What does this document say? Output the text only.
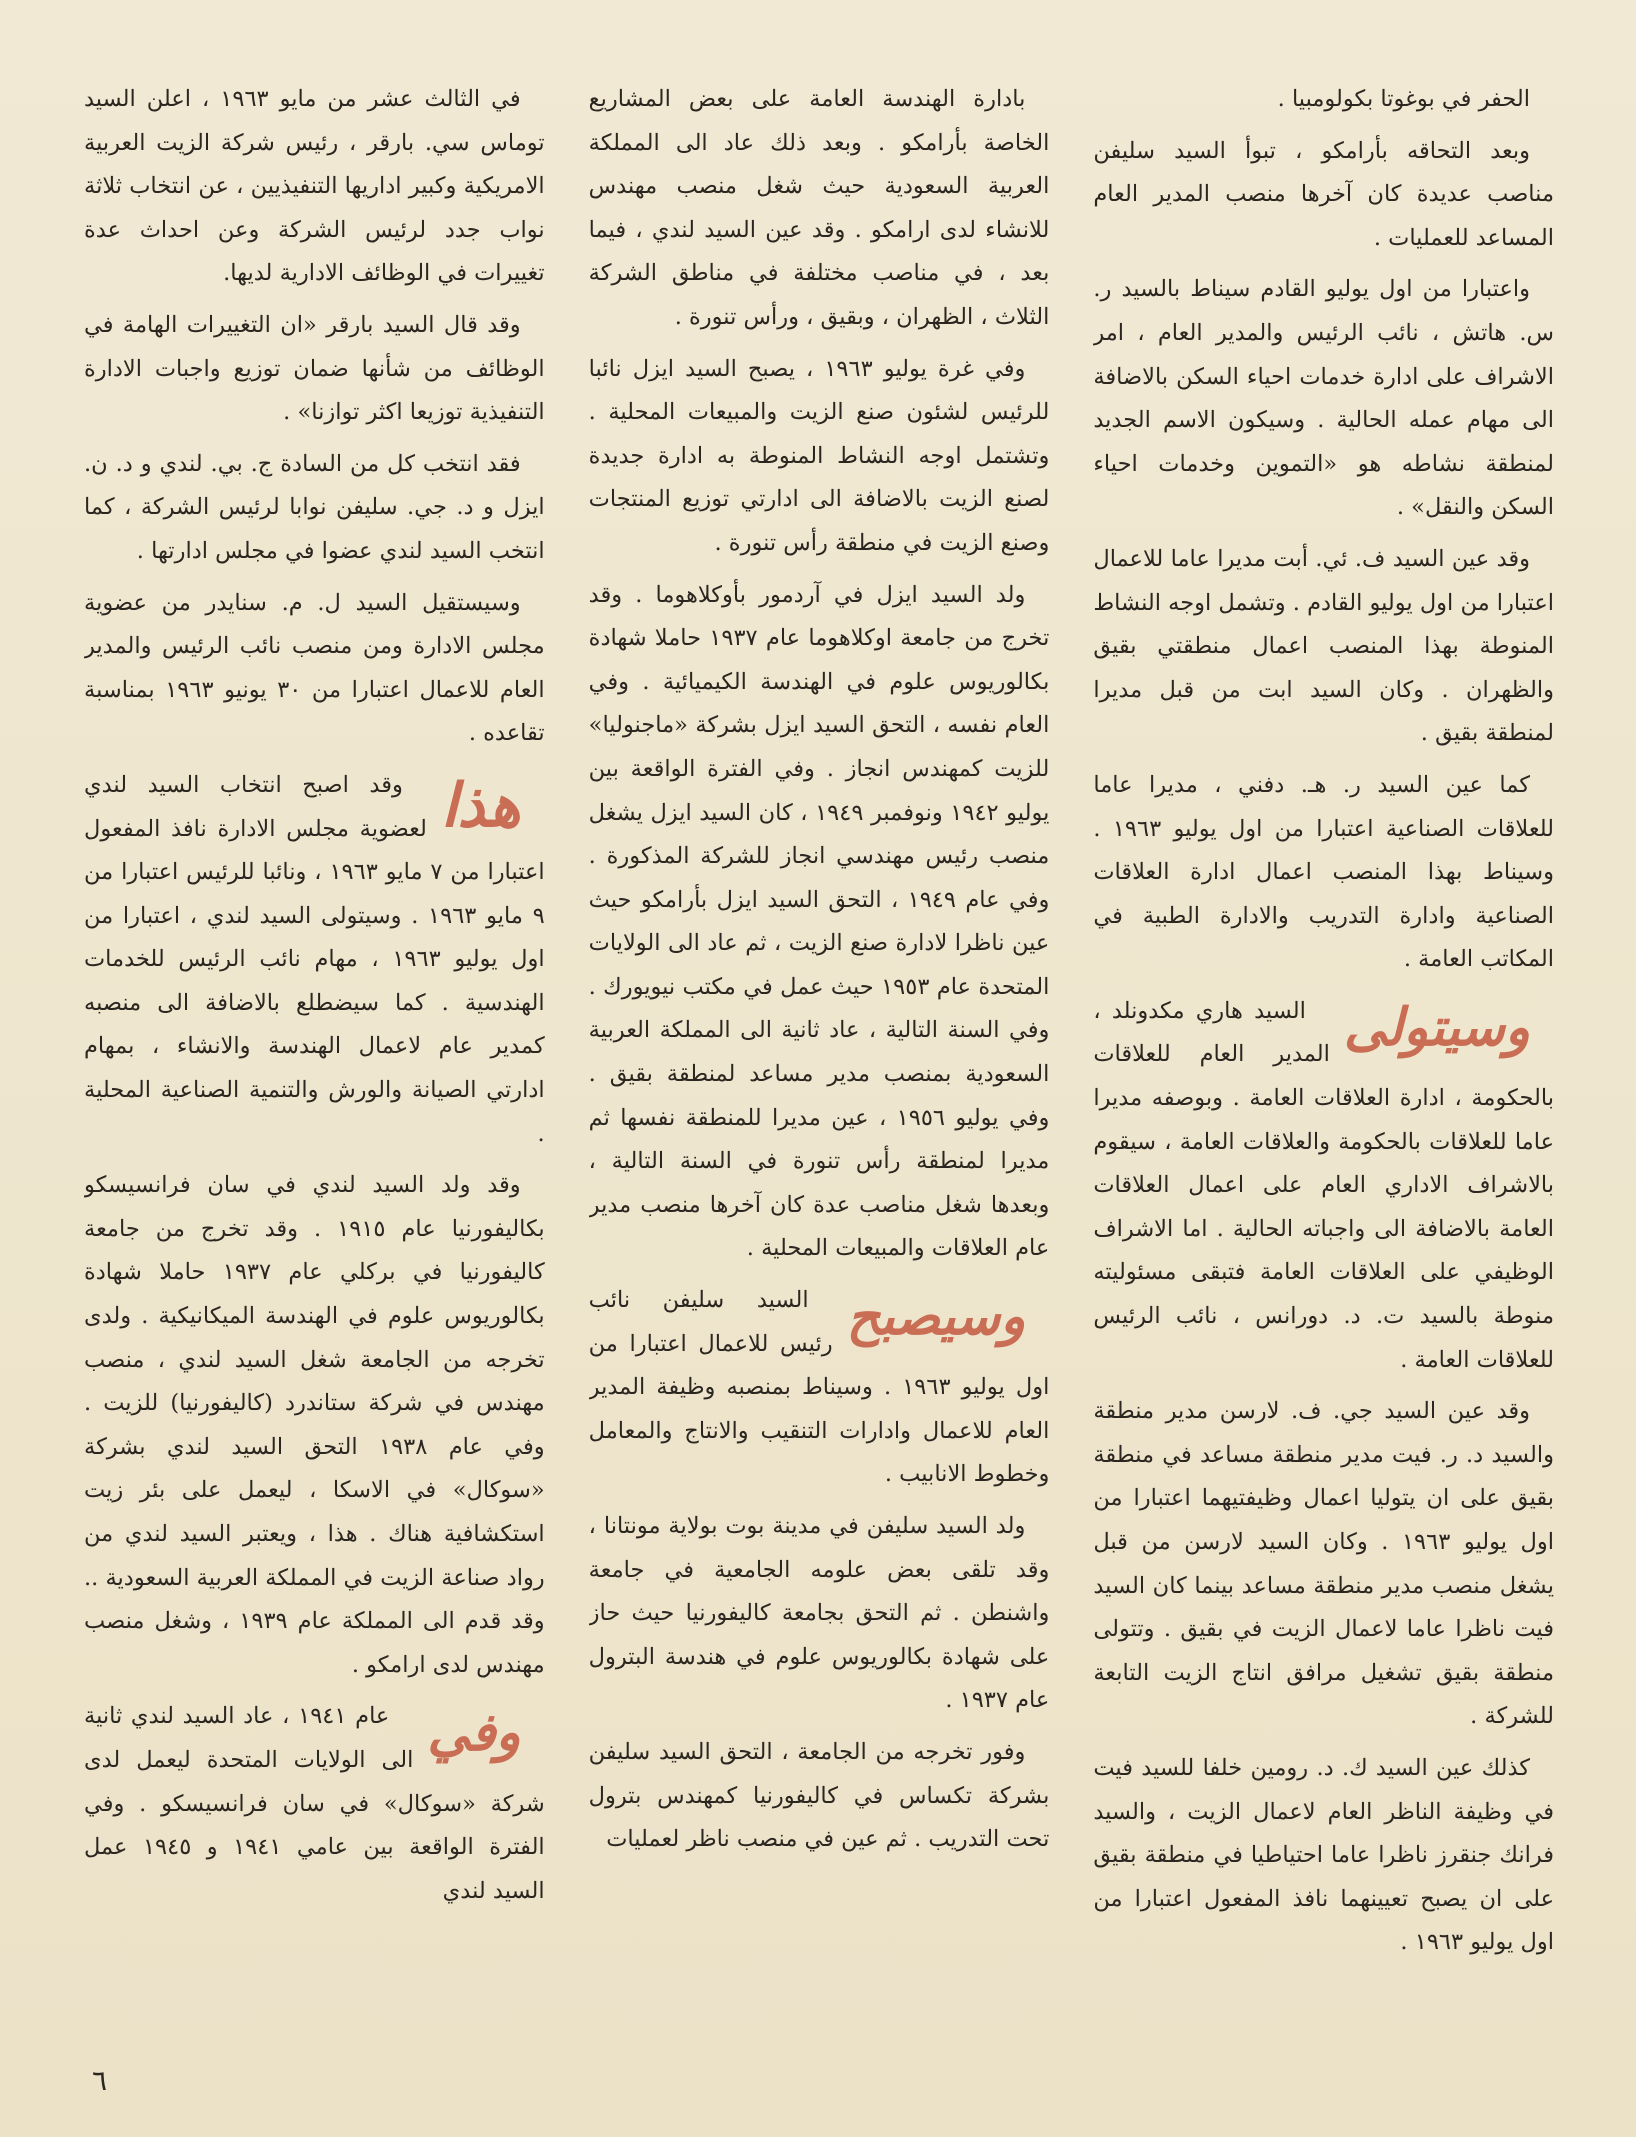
في الثالث عشر من مايو ١٩٦٣ ، اعلن السيد توماس سي. بارقر ، رئيس شركة الزيت العربية الامريكية وكبير اداريها التنفيذيين ، عن انتخاب ثلاثة نواب جدد لرئيس الشركة وعن احداث عدة تغييرات في الوظائف الادارية لديها.

وقد قال السيد بارقر «ان التغييرات الهامة في الوظائف من شأنها ضمان توزيع واجبات الادارة التنفيذية توزيعا اكثر توازنا» .

فقد انتخب كل من السادة ج. بي. لندي و د. ن. ايزل و د. جي. سليفن نوابا لرئيس الشركة ، كما انتخب السيد لندي عضوا في مجلس ادارتها .

وسيستقيل السيد ل. م. سنايدر من عضوية مجلس الادارة ومن منصب نائب الرئيس والمدير العام للاعمال اعتبارا من ٣٠ يونيو ١٩٦٣ بمناسبة تقاعده .

هذا
وقد اصبح انتخاب السيد لندي لعضوية مجلس الادارة نافذ المفعول اعتبارا من ٧ مايو ١٩٦٣ ، ونائبا للرئيس اعتبارا من ٩ مايو ١٩٦٣ . وسيتولى السيد لندي ، اعتبارا من اول يوليو ١٩٦٣ ، مهام نائب الرئيس للخدمات الهندسية . كما سيضطلع بالاضافة الى منصبه كمدير عام لاعمال الهندسة والانشاء ، بمهام ادارتي الصيانة والورش والتنمية الصناعية المحلية .

وقد ولد السيد لندي في سان فرانسيسكو بكاليفورنيا عام ١٩١٥ . وقد تخرج من جامعة كاليفورنيا في بركلي عام ١٩٣٧ حاملا شهادة بكالوريوس علوم في الهندسة الميكانيكية . ولدى تخرجه من الجامعة شغل السيد لندي ، منصب مهندس في شركة ستاندرد (كاليفورنيا) للزيت . وفي عام ١٩٣٨ التحق السيد لندي بشركة «سوكال» في الاسكا ، ليعمل على بئر زيت استكشافية هناك . هذا ، ويعتبر السيد لندي من رواد صناعة الزيت في المملكة العربية السعودية .. وقد قدم الى المملكة عام ١٩٣٩ ، وشغل منصب مهندس لدى ارامكو .

وفي
عام ١٩٤١ ، عاد السيد لندي ثانية الى الولايات المتحدة ليعمل لدى شركة «سوكال» في سان فرانسيسكو . وفي الفترة الواقعة بين عامي ١٩٤١ و ١٩٤٥ عمل السيد لندي

بادارة الهندسة العامة على بعض المشاريع الخاصة بأرامكو . وبعد ذلك عاد الى المملكة العربية السعودية حيث شغل منصب مهندس للانشاء لدى ارامكو . وقد عين السيد لندي ، فيما بعد ، في مناصب مختلفة في مناطق الشركة الثلاث ، الظهران ، وبقيق ، ورأس تنورة .

وفي غرة يوليو ١٩٦٣ ، يصبح السيد ايزل نائبا للرئيس لشئون صنع الزيت والمبيعات المحلية . وتشتمل اوجه النشاط المنوطة به ادارة جديدة لصنع الزيت بالاضافة الى ادارتي توزيع المنتجات وصنع الزيت في منطقة رأس تنورة .

ولد السيد ايزل في آردمور بأوكلاهوما . وقد تخرج من جامعة اوكلاهوما عام ١٩٣٧ حاملا شهادة بكالوريوس علوم في الهندسة الكيميائية . وفي العام نفسه ، التحق السيد ايزل بشركة «ماجنوليا» للزيت كمهندس انجاز . وفي الفترة الواقعة بين يوليو ١٩٤٢ ونوفمبر ١٩٤٩ ، كان السيد ايزل يشغل منصب رئيس مهندسي انجاز للشركة المذكورة . وفي عام ١٩٤٩ ، التحق السيد ايزل بأرامكو حيث عين ناظرا لادارة صنع الزيت ، ثم عاد الى الولايات المتحدة عام ١٩٥٣ حيث عمل في مكتب نيويورك . وفي السنة التالية ، عاد ثانية الى المملكة العربية السعودية بمنصب مدير مساعد لمنطقة بقيق . وفي يوليو ١٩٥٦ ، عين مديرا للمنطقة نفسها ثم مديرا لمنطقة رأس تنورة في السنة التالية ، وبعدها شغل مناصب عدة كان آخرها منصب مدير عام العلاقات والمبيعات المحلية .

وسيصبح
السيد سليفن نائب رئيس للاعمال اعتبارا من اول يوليو ١٩٦٣ . وسيناط بمنصبه وظيفة المدير العام للاعمال وادارات التنقيب والانتاج والمعامل وخطوط الانابيب .

ولد السيد سليفن في مدينة بوت بولاية مونتانا ، وقد تلقى بعض علومه الجامعية في جامعة واشنطن . ثم التحق بجامعة كاليفورنيا حيث حاز على شهادة بكالوريوس علوم في هندسة البترول عام ١٩٣٧ .

وفور تخرجه من الجامعة ، التحق السيد سليفن بشركة تكساس في كاليفورنيا كمهندس بترول تحت التدريب . ثم عين في منصب ناظر لعمليات

الحفر في بوغوتا بكولومبيا .

وبعد التحاقه بأرامكو ، تبوأ السيد سليفن مناصب عديدة كان آخرها منصب المدير العام المساعد للعمليات .

واعتبارا من اول يوليو القادم سيناط بالسيد ر. س. هاتش ، نائب الرئيس والمدير العام ، امر الاشراف على ادارة خدمات احياء السكن بالاضافة الى مهام عمله الحالية . وسيكون الاسم الجديد لمنطقة نشاطه هو «التموين وخدمات احياء السكن والنقل» .

وقد عين السيد ف. ئي. أبت مديرا عاما للاعمال اعتبارا من اول يوليو القادم . وتشمل اوجه النشاط المنوطة بهذا المنصب اعمال منطقتي بقيق والظهران . وكان السيد ابت من قبل مديرا لمنطقة بقيق .

كما عين السيد ر. هـ. دفني ، مديرا عاما للعلاقات الصناعية اعتبارا من اول يوليو ١٩٦٣ . وسيناط بهذا المنصب اعمال ادارة العلاقات الصناعية وادارة التدريب والادارة الطبية في المكاتب العامة .

وسيتولى
السيد هاري مكدونلد ، المدير العام للعلاقات بالحكومة ، ادارة العلاقات العامة . وبوصفه مديرا عاما للعلاقات بالحكومة والعلاقات العامة ، سيقوم بالاشراف الاداري العام على اعمال العلاقات العامة بالاضافة الى واجباته الحالية . اما الاشراف الوظيفي على العلاقات العامة فتبقى مسئوليته منوطة بالسيد ت. د. دورانس ، نائب الرئيس للعلاقات العامة .

وقد عين السيد جي. ف. لارسن مدير منطقة والسيد د. ر. فيت مدير منطقة مساعد في منطقة بقيق على ان يتوليا اعمال وظيفتيهما اعتبارا من اول يوليو ١٩٦٣ . وكان السيد لارسن من قبل يشغل منصب مدير منطقة مساعد بينما كان السيد فيت ناظرا عاما لاعمال الزيت في بقيق . وتتولى منطقة بقيق تشغيل مرافق انتاج الزيت التابعة للشركة .

كذلك عين السيد ك. د. رومين خلفا للسيد فيت في وظيفة الناظر العام لاعمال الزيت ، والسيد فرانك جنقرز ناظرا عاما احتياطيا في منطقة بقيق على ان يصبح تعيينهما نافذ المفعول اعتبارا من اول يوليو ١٩٦٣ .

٦
